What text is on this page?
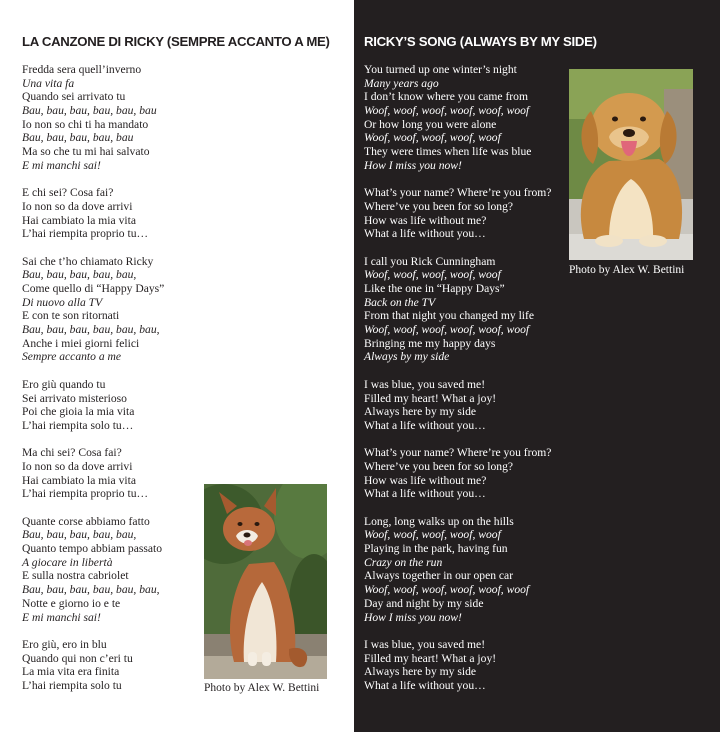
LA CANZONE DI RICKY (SEMPRE ACCANTO A ME)
Fredda sera quell’inverno
Una vita fa
Quando sei arrivato tu
Bau, bau, bau, bau, bau, bau
Io non so chi ti ha mandato
Bau, bau, bau, bau, bau
Ma so che tu mi hai salvato
E mi manchi sai!
E chi sei? Cosa fai?
Io non so da dove arrivi
Hai cambiato la mia vita
L’hai riempita proprio tu…
Sai che t’ho chiamato Ricky
Bau, bau, bau, bau, bau,
Come quello di “Happy Days”
Di nuovo alla TV
E con te son ritornati
Bau, bau, bau, bau, bau, bau,
Anche i miei giorni felici
Sempre accanto a me
Ero giù quando tu
Sei arrivato misterioso
Poi che gioia la mia vita
L’hai riempita solo tu…
Ma chi sei? Cosa fai?
Io non so da dove arrivi
Hai cambiato la mia vita
L’hai riempita proprio tu…
Quante corse abbiamo fatto
Bau, bau, bau, bau, bau,
Quanto tempo abbiam passato
A giocare in libertà
E sulla nostra cabriolet
Bau, bau, bau, bau, bau, bau,
Notte e giorno io e te
E mi manchi sai!
Ero giù, ero in blu
Quando qui non c’eri tu
La mia vita era finita
L’hai riempita solo tu	Photo by Alex W. Bettini
RICKY’S SONG (ALWAYS BY MY SIDE)
You turned up one winter’s night
Many years ago
I don’t know where you came from
Woof, woof, woof, woof, woof, woof
Or how long you were alone
Woof, woof, woof, woof, woof
They were times when life was blue
How I miss you now!
What’s your name? Where’re you from?
Where’ve you been for so long?
How was life without me?
What a life without you…
I call you Rick Cunningham
Woof, woof, woof, woof, woof
Like the one in “Happy Days”
Back on the TV
From that night you changed my life
Woof, woof, woof, woof, woof, woof
Bringing me my happy days
Always by my side
I was blue, you saved me!
Filled my heart! What a joy!
Always here by my side
What a life without you…
What’s your name? Where’re you from?
Where’ve you been for so long?
How was life without me?
What a life without you…
Long, long walks up on the hills
Woof, woof, woof, woof, woof
Playing in the park, having fun
Crazy on the run
Always together in our open car
Woof, woof, woof, woof, woof, woof
Day and night by my side
How I miss you now!
I was blue, you saved me!
Filled my heart! What a joy!
Always here by my side
What a life without you…
Photo by Alex W. Bettini
